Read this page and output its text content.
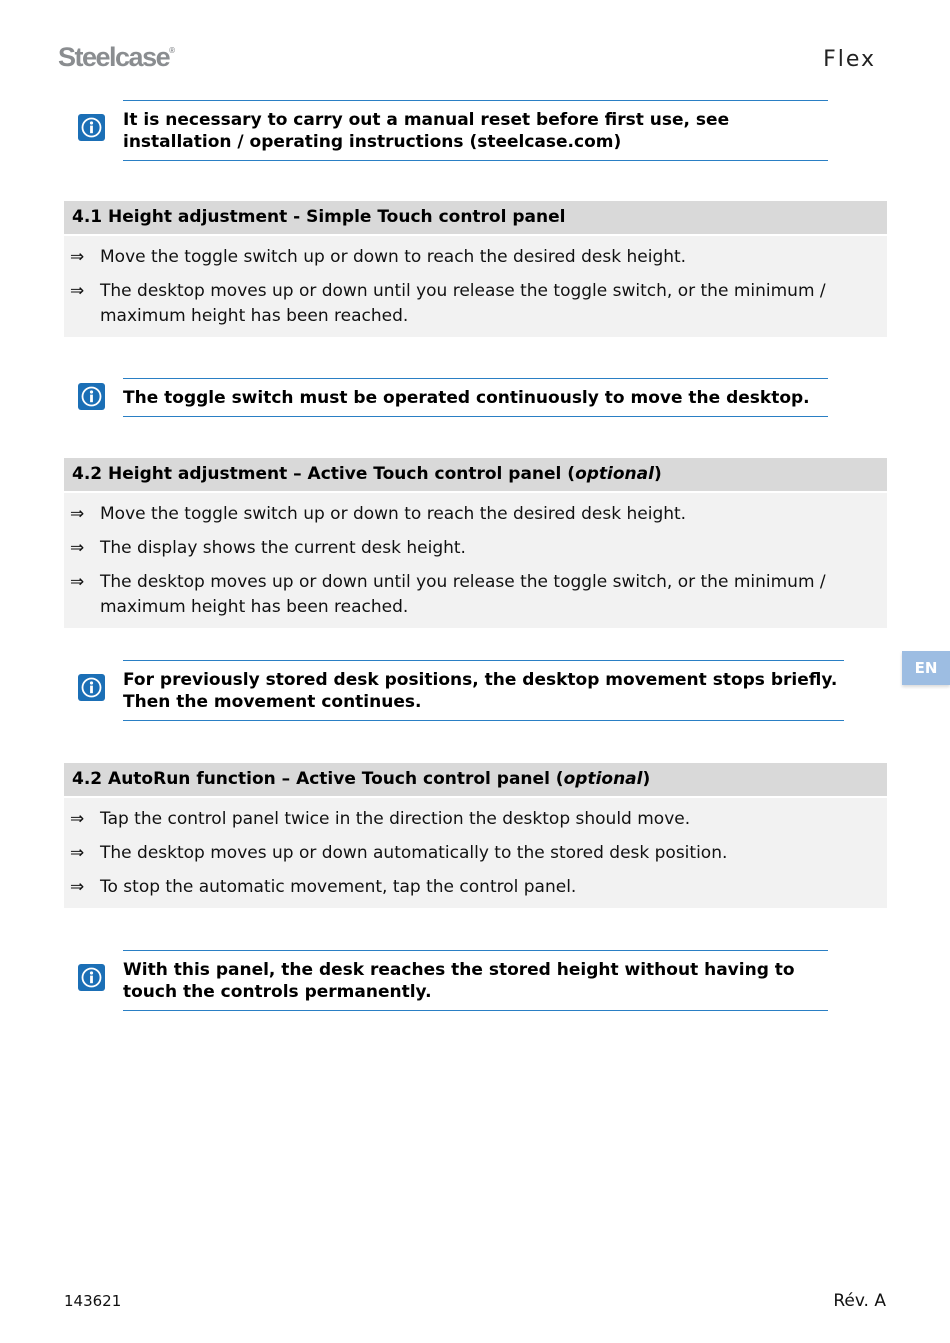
Steelcase®	Flex
It is necessary to carry out a manual reset before first use, see installation / operating instructions (steelcase.com)
4.1 Height adjustment - Simple Touch control panel
⇒ Move the toggle switch up or down to reach the desired desk height.
⇒ The desktop moves up or down until you release the toggle switch, or the minimum / maximum height has been reached.
The toggle switch must be operated continuously to move the desktop.
4.2 Height adjustment – Active Touch control panel (optional)
⇒ Move the toggle switch up or down to reach the desired desk height.
⇒ The display shows the current desk height.
⇒ The desktop moves up or down until you release the toggle switch, or the minimum / maximum height has been reached.
For previously stored desk positions, the desktop movement stops briefly. Then the movement continues.
4.2 AutoRun function – Active Touch control panel (optional)
⇒ Tap the control panel twice in the direction the desktop should move.
⇒ The desktop moves up or down automatically to the stored desk position.
⇒ To stop the automatic movement, tap the control panel.
With this panel, the desk reaches the stored height without having to touch the controls permanently.
EN
143621	Rév. A
